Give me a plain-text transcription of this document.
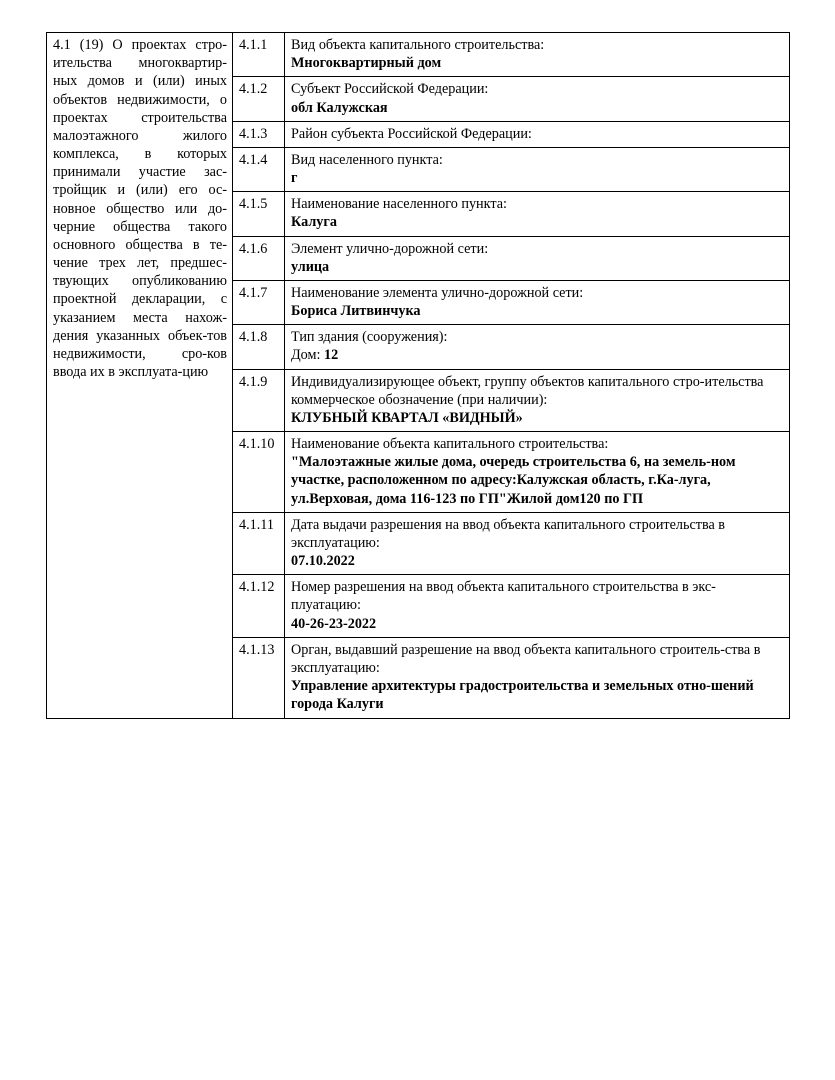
4.1 (19) О проектах стро-ительства многоквартир-ных домов и (или) иных объектов недвижимости, о проектах строительства малоэтажного жилого комплекса, в которых принимали участие зас-тройщик и (или) его ос-новное общество или до-черние общества такого основного общества в те-чение трех лет, предшес-твующих опубликованию проектной декларации, с указанием места нахож-дения указанных объек-тов недвижимости, сро-ков ввода их в эксплуата-цию	4.1.1	Вид объекта капитального строительства:
Многоквартирный дом

	4.1.2	Субъект Российской Федерации:
обл Калужская

	4.1.3	Район субъекта Российской Федерации:

	4.1.4	Вид населенного пункта:
г

	4.1.5	Наименование населенного пункта:
Калуга

	4.1.6	Элемент улично-дорожной сети:
улица

	4.1.7	Наименование элемента улично-дорожной сети:
Бориса Литвинчука

	4.1.8	Тип здания (сооружения):
Дом: 12

	4.1.9	Индивидуализирующее объект, группу объектов капитального стро-ительства коммерческое обозначение (при наличии):
КЛУБНЫЙ КВАРТАЛ «ВИДНЫЙ»

	4.1.10	Наименование объекта капитального строительства:
"Малоэтажные жилые дома, очередь строительства 6, на земель-ном участке, расположенном по адресу:Калужская область, г.Ка-луга, ул.Верховая, дома 116-123 по ГП"Жилой дом120 по ГП

	4.1.11	Дата выдачи разрешения на ввод объекта капитального строительства в эксплуатацию:
07.10.2022

	4.1.12	Номер разрешения на ввод объекта капитального строительства в экс-плуатацию:
40-26-23-2022

	4.1.13	Орган, выдавший разрешение на ввод объекта капитального строитель-ства в эксплуатацию:
Управление архитектуры градостроительства и земельных отно-шений города Калуги
